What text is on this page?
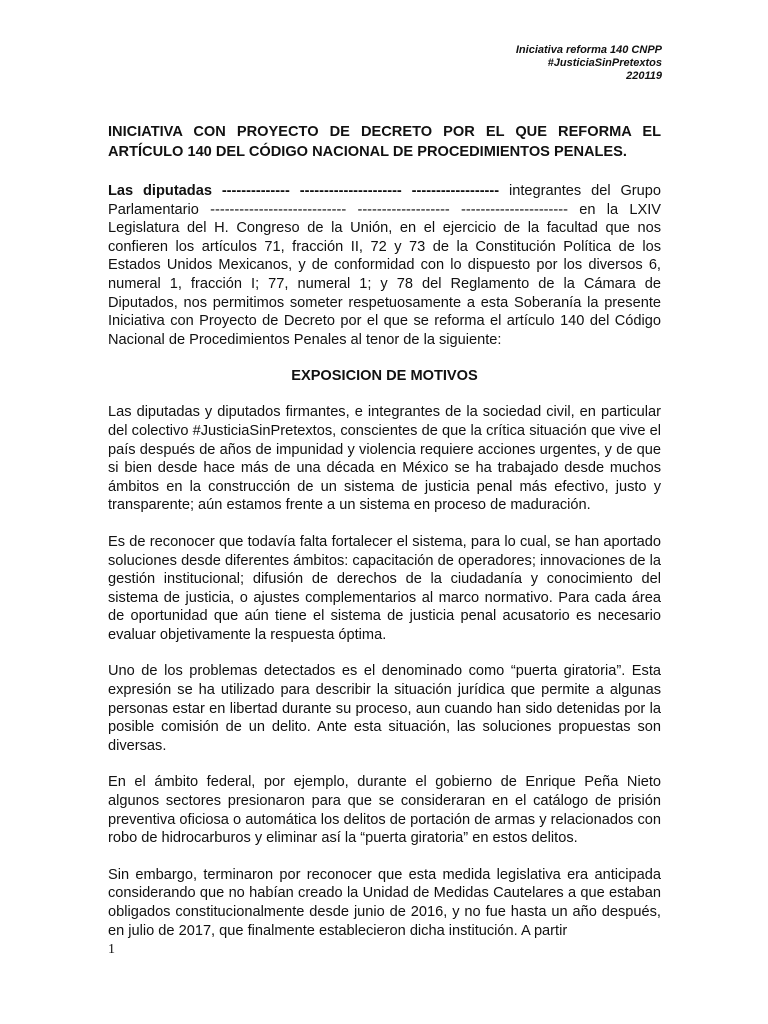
Iniciativa reforma 140 CNPP
#JusticiaSinPretextos
220119
INICIATIVA CON PROYECTO DE DECRETO POR EL QUE REFORMA EL ARTÍCULO 140 DEL CÓDIGO NACIONAL DE PROCEDIMIENTOS PENALES.
Las diputadas -------------- --------------------- ------------------ integrantes del Grupo Parlamentario ---------------------------- ------------------- ---------------------- en la LXIV Legislatura del H. Congreso de la Unión, en el ejercicio de la facultad que nos confieren los artículos 71, fracción II, 72 y 73 de la Constitución Política de los Estados Unidos Mexicanos, y de conformidad con lo dispuesto por los diversos 6, numeral 1, fracción I; 77, numeral 1; y 78 del Reglamento de la Cámara de Diputados, nos permitimos someter respetuosamente a esta Soberanía la presente Iniciativa con Proyecto de Decreto por el que se reforma el artículo 140 del Código Nacional de Procedimientos Penales al tenor de la siguiente:
EXPOSICION DE MOTIVOS
Las diputadas y diputados firmantes, e integrantes de la sociedad civil, en particular del colectivo #JusticiaSinPretextos, conscientes de que la crítica situación que vive el país después de años de impunidad y violencia requiere acciones urgentes, y de que si bien desde hace más de una década en México se ha trabajado desde muchos ámbitos en la construcción de un sistema de justicia penal más efectivo, justo y transparente; aún estamos frente a un sistema en proceso de maduración.
Es de reconocer que todavía falta fortalecer el sistema, para lo cual, se han aportado soluciones desde diferentes ámbitos: capacitación de operadores; innovaciones de la gestión institucional; difusión de derechos de la ciudadanía y conocimiento del sistema de justicia, o ajustes complementarios al marco normativo. Para cada área de oportunidad que aún tiene el sistema de justicia penal acusatorio es necesario evaluar objetivamente la respuesta óptima.
Uno de los problemas detectados es el denominado como “puerta giratoria”. Esta expresión se ha utilizado para describir la situación jurídica que permite a algunas personas estar en libertad durante su proceso, aun cuando han sido detenidas por la posible comisión de un delito. Ante esta situación, las soluciones propuestas son   diversas.
En el ámbito federal, por ejemplo, durante el gobierno de Enrique Peña Nieto algunos sectores presionaron para que se consideraran en el catálogo de prisión preventiva oficiosa o automática los delitos de portación de armas y relacionados con robo de hidrocarburos y eliminar así la “puerta giratoria” en estos delitos.
Sin embargo, terminaron por reconocer que esta medida legislativa era anticipada considerando que no habían creado la Unidad de Medidas Cautelares a que estaban obligados constitucionalmente desde junio de 2016, y no fue hasta un año después, en julio de 2017, que finalmente establecieron dicha institución. A partir
1
